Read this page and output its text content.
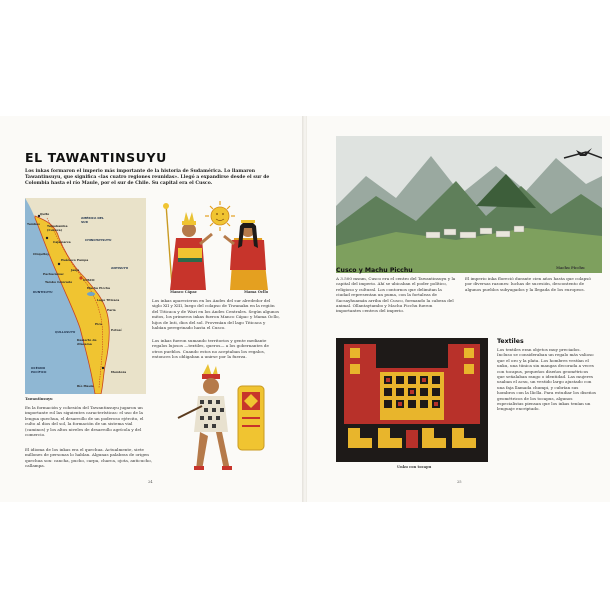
EL TAWANTINSUYU
Los inkas formaron el imperio más importante de la historia de Sudamérica. Lo llamaron Tawantinsuyu, que significa «las cuatro regiones reunidas». Llegó a expandirse desde el sur de Colombia hasta el río Maule, por el sur de Chile. Su capital era el Cusco.
AMÉRICA DEL SUR
Quito
Tumbes Tumebamba (Cuenca)
Cajamarca	CHINCHAYSUYU
Chiquitoy
Huánuco Pampa
ANTISUYU
Jauja
Pachacámac
Tambo Colorado	CUSCO
KUNTISUYU
Machu Picchu
Lago Titicaca
Paria
Pica
QULLASUYU	Potosí
Desierto de Atacama
OCÉANO PACÍFICO	Mendoza
Río Maule
Tawantinsuyu
Manco Cápac	Mama Ocllo
Los inkas aparecieron en los Andes del sur alrededor del siglo XII y XIII, luego del colapso de Tiwanaku en la región del Titicaca y de Wari en los Andes Centrales. Según algunos mitos, los primeros inkas fueron Manco Cápac y Mama Ocllo, hijos de Inti, dios del sol. Provenían del lago Titicaca y habían peregrinado hasta el Cusco.
Los inkas fueron sumando territorios y gente mediante regalos lujosos —textiles, queros— a los gobernantes de otros pueblos. Cuando estos no aceptaban los regalos, entonces los obligaban a unirse por la fuerza.
En la formación y cohesión del Tawantinsuyu jugaron un importante rol las siguientes características: el uso de la lengua quechua, el desarrollo de un poderoso ejército, el culto al dios del sol, la formación de un sistema vial (caminos) y los altos niveles de desarrollo agrícola y del comercio.
El idioma de los inkas era el quechua. Actualmente, siete millones de personas lo hablan. Algunas palabras de origen quechua son: cancha, pucho, carpa, charca, ojota, anticucho, callampa.
24
Machu Picchu
Cusco y Machu Picchu
A 3.500 msnm, Cusco era el centro del Tawantinsuyu y la capital del imperio. Ahí se ubicaban el poder político, religioso y cultural. Los contornos que delimitan la ciudad representan un puma, con la fortaleza de Sacsayhuamán arriba del Cusco, formando la cabeza del animal. Ollantaytambo y Machu Picchu fueron importantes centros del imperio.
El imperio inka floreció durante cien años hasta que colapsó por diversas razones: luchas de sucesión, descontento de algunos pueblos subyugados y la llegada de los europeos.
Unku con tocapu
Textiles
Los textiles eran objetos muy preciados. Incluso se consideraban un regalo más valioso que el oro y la plata. Los hombres vestían el unku, una túnica sin mangas decorada a veces con tocapus, pequeños diseños geométricos que señalaban rango o identidad. Las mujeres usaban el acsu, un vestido largo ajustado con una faja llamada chumpi, y cubrían sus hombros con la lliclla. Para estudiar los diseños geométricos de los tocapus, algunos especialistas piensan que los inkas tenían un lenguaje encriptado.
25
